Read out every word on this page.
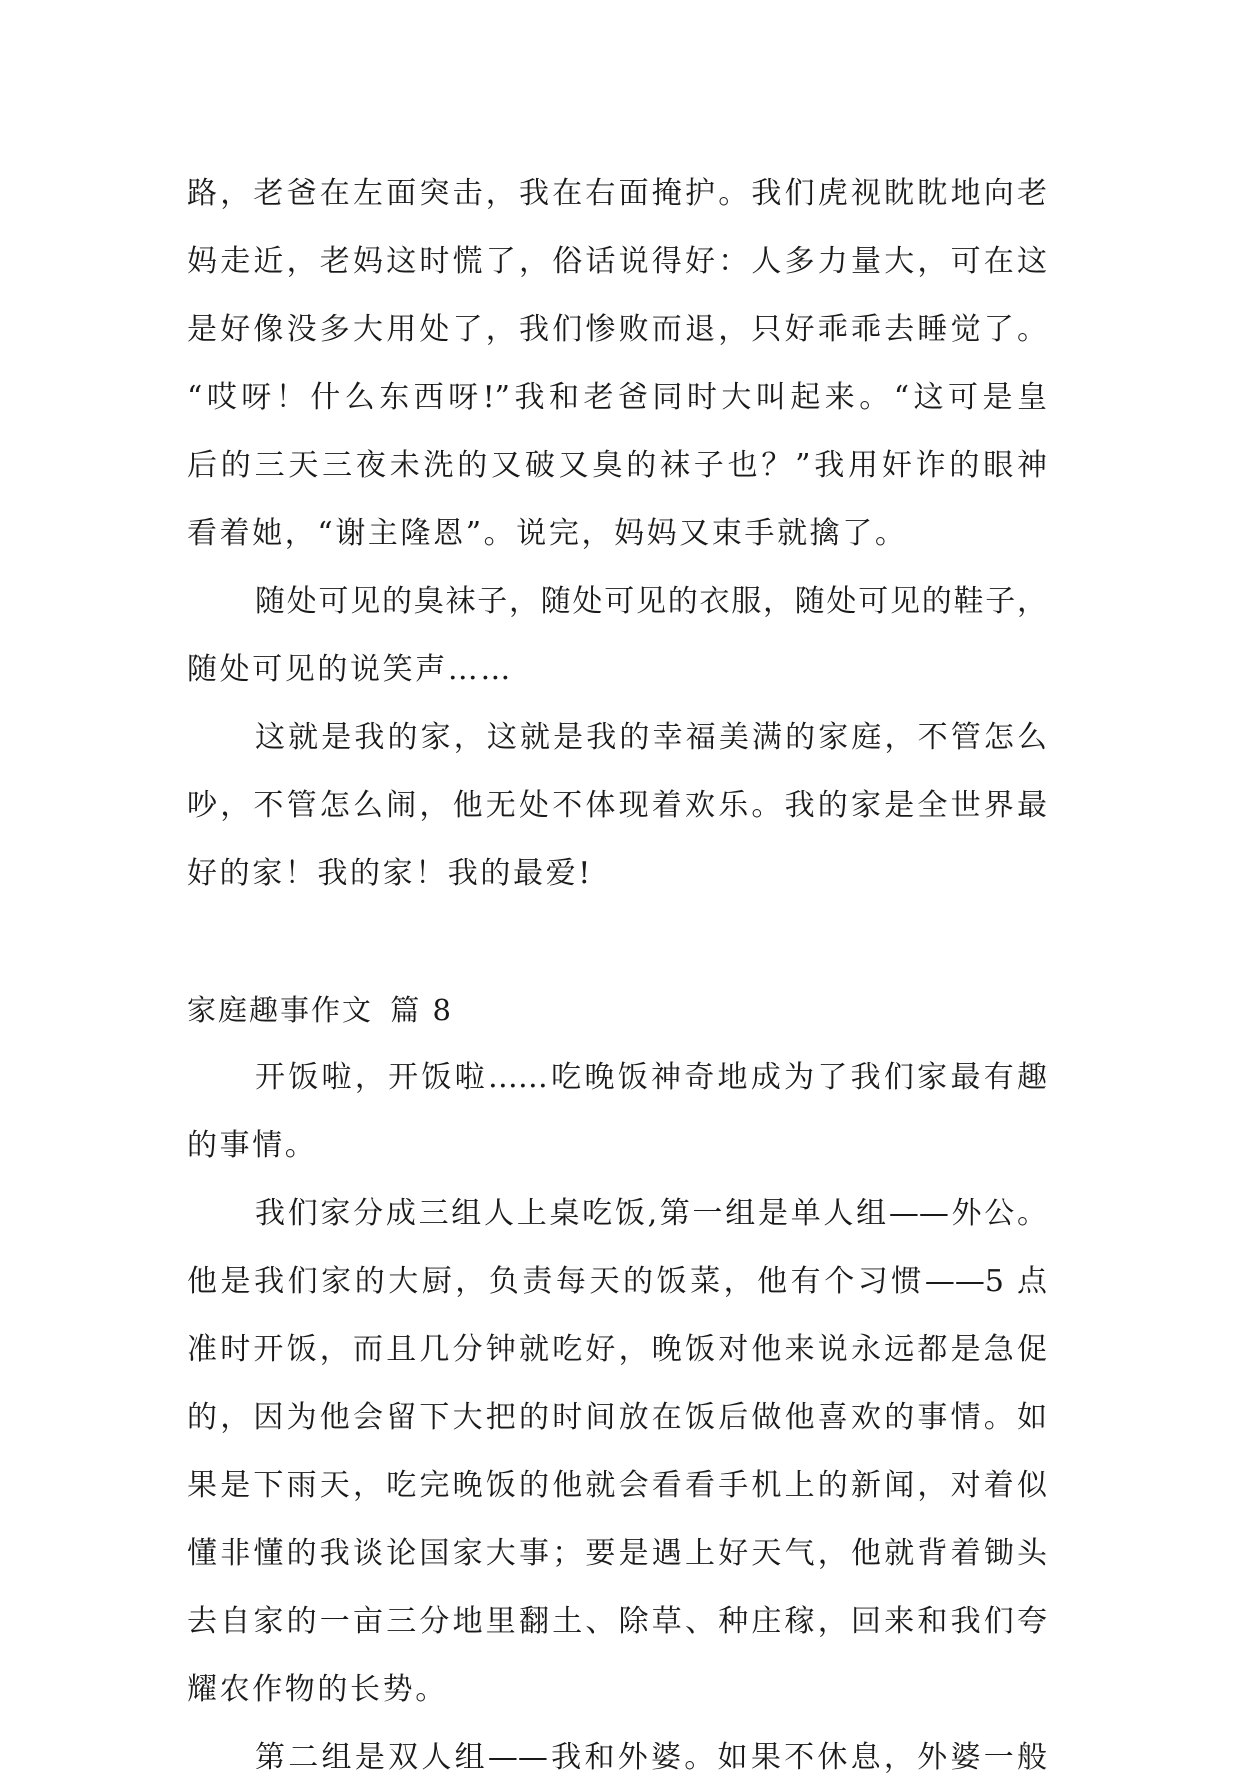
路，老爸在左面突击，我在右面掩护。我们虎视眈眈地向老
妈走近，老妈这时慌了，俗话说得好：人多力量大，可在这
是好像没多大用处了，我们惨败而退，只好乖乖去睡觉了。
“哎呀！什么东西呀!”我和老爸同时大叫起来。“这可是皇
后的三天三夜未洗的又破又臭的袜子也？”我用奸诈的眼神
看着她，“谢主隆恩”。说完，妈妈又束手就擒了。
随处可见的臭袜子，随处可见的衣服，随处可见的鞋子，
随处可见的说笑声……
这就是我的家，这就是我的幸福美满的家庭，不管怎么
吵，不管怎么闹，他无处不体现着欢乐。我的家是全世界最
好的家！我的家！我的最爱!
家庭趣事作文 篇 8
开饭啦，开饭啦……吃晚饭神奇地成为了我们家最有趣
的事情。
我们家分成三组人上桌吃饭,第一组是单人组——外公。
他是我们家的大厨，负责每天的饭菜，他有个习惯——5 点
准时开饭，而且几分钟就吃好，晚饭对他来说永远都是急促
的，因为他会留下大把的时间放在饭后做他喜欢的事情。如
果是下雨天，吃完晚饭的他就会看看手机上的新闻，对着似
懂非懂的我谈论国家大事；要是遇上好天气，他就背着锄头
去自家的一亩三分地里翻土、除草、种庄稼，回来和我们夸
耀农作物的长势。
第二组是双人组——我和外婆。如果不休息，外婆一般
